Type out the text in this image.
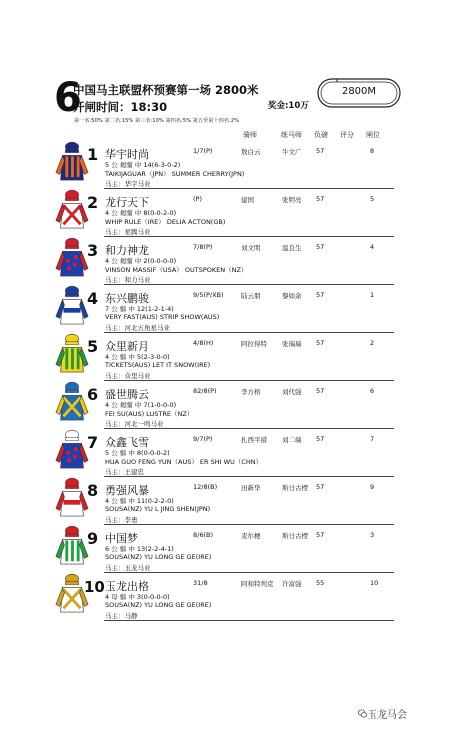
6
中国马主联盟杯预赛第一场 2800米
开闸时间：18:30	奖金:10万
2800M
第一名:50% 第二名:15% 第三名:10% 第四名:5% 第五至第十四名:2%
骑师	练马师 负磅 评分 闸位
1 华宇时尚	1/7(P)	敖白云	牛文广 57	8
5 公 褐骝 中 14(6-3-0-2)
TAIKIJAGUAR（JPN） SUMMER CHERRY(JPN)
马主：华宇马业
2 龙行天下	(P)	建国	张明亮 57	5
4 公 褐骝 中 8(0-0-2-0)
WHIP RULE（IRE） DELIA ACTON(GB)
马主：星腾马业
3 和力神龙	7/8(P)	刘文明	温良生 57	4
4 公 褐骝 中 2(0-0-0-0)
VINSON MASSIF（USA） OUTSPOKEN（NZ）
马主：和力马业
4 东兴鹏骏	9/5(P/XB)	陆云朋	黎如余 57	1
7 公 骝 中 12(1-2-1-4)
VERY FAST(AUS) STRIP SHOW(AUS)
马主：河北五角星马业
5 众里新月	4/8(H)	阿拉得特 张瑞瑞 57	2
4 公 骝 中 5(2-3-0-0)
TICKETS(AUS) LET IT SNOW(IRE)
马主：众里马业
6 盛世腾云	82/8(P)	李方格	刘代强 57	6
4 公 褐骝 中 7(1-0-0-0)
FEI SU(AUS) LUSTRE（NZ）
马主：河北一鸣马业
7 众鑫飞雪	9/7(P)	扎西平措 刘二端 57	7
5 公 骝 中 8(0-0-0-2)
HUA GUO FENG YUN（AUS） ER SHI WU（CHN）
马主：王建忠
8 勇强风暴	12/8(B)	田新华	斯日古楞 57	9
4 公 骝 中 11(0-2-2-0)
SOUSA(NZ) YU L JING SHEN(JPN)
马主：李勇
9 中国梦	8/6(B)	麦尔梗	斯日古楞 57	3
6 公 骝 中 13(2-2-4-1)
SOUSA(NZ) YU LONG GE GE(IRE)
马主：玉龙马业
10 玉龙出格	31/8	阿和特列克 许富强 55	10
4 母 骝 中 3(0-0-0-0)
SOUSA(NZ) YU LONG GE GE(IRE)
马主：马静
玉龙马会
